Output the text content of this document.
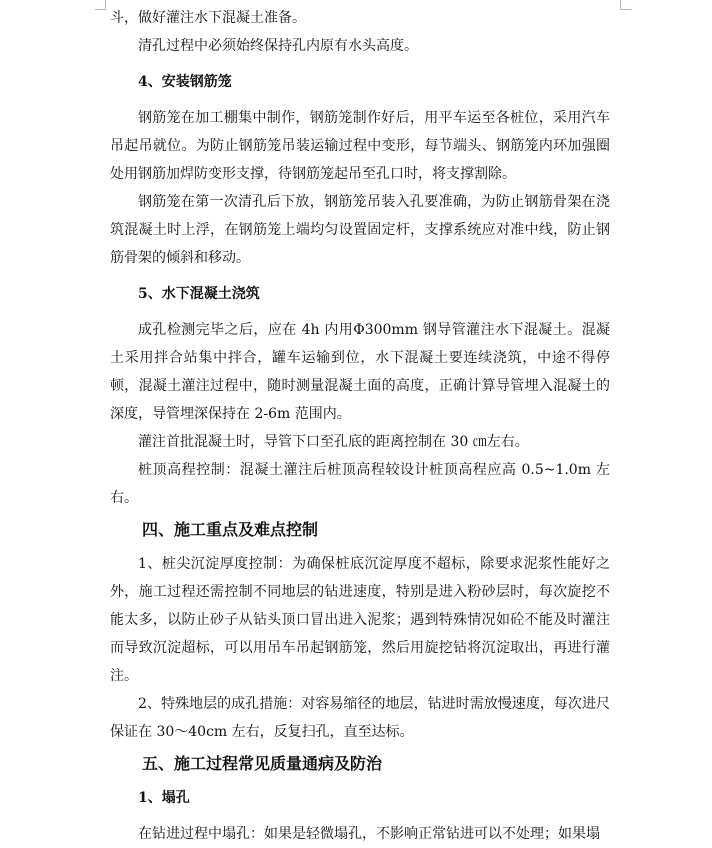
斗，做好灌注水下混凝土准备。

清孔过程中必须始终保持孔内原有水头高度。

4、安装钢筋笼

钢筋笼在加工棚集中制作，钢筋笼制作好后，用平车运至各桩位，采用汽车吊起吊就位。为防止钢筋笼吊装运输过程中变形，每节端头、钢筋笼内环加强圈处用钢筋加焊防变形支撑，待钢筋笼起吊至孔口时，将支撑割除。

钢筋笼在第一次清孔后下放，钢筋笼吊装入孔要准确，为防止钢筋骨架在浇筑混凝土时上浮，在钢筋笼上端均匀设置固定杆，支撑系统应对准中线，防止钢筋骨架的倾斜和移动。

5、水下混凝土浇筑

成孔检测完毕之后，应在 4h 内用Φ300mm 钢导管灌注水下混凝土。混凝土采用拌合站集中拌合，罐车运输到位，水下混凝土要连续浇筑，中途不得停顿，混凝土灌注过程中，随时测量混凝土面的高度，正确计算导管埋入混凝土的深度，导管埋深保持在 2-6m 范围内。

灌注首批混凝土时，导管下口至孔底的距离控制在 30 ㎝左右。

桩顶高程控制：混凝土灌注后桩顶高程较设计桩顶高程应高 0.5~1.0m 左右。

四、施工重点及难点控制

1、桩尖沉淀厚度控制：为确保桩底沉淀厚度不超标，除要求泥浆性能好之外，施工过程还需控制不同地层的钻进速度，特别是进入粉砂层时，每次旋挖不能太多，以防止砂子从钻头顶口冒出进入泥浆；遇到特殊情况如砼不能及时灌注而导致沉淀超标，可以用吊车吊起钢筋笼，然后用旋挖钻将沉淀取出，再进行灌注。

2、特殊地层的成孔措施：对容易缩径的地层，钻进时需放慢速度，每次进尺保证在 30～40cm 左右，反复扫孔，直至达标。

五、施工过程常见质量通病及防治

1、塌孔

在钻进过程中塌孔：如果是轻微塌孔，不影响正常钻进可以不处理；如果塌
